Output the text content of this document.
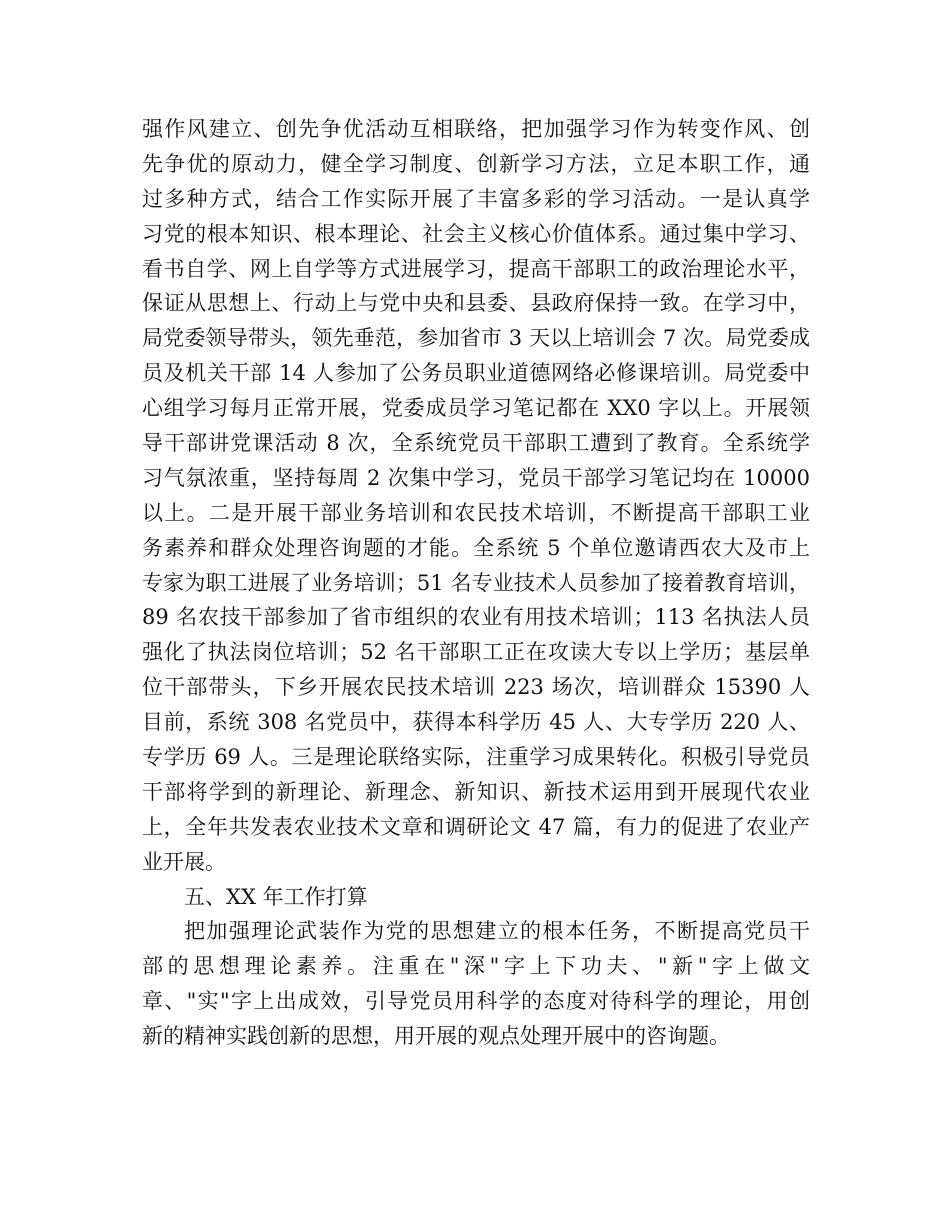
强作风建立、创先争优活动互相联络，把加强学习作为转变作风、创
先争优的原动力，健全学习制度、创新学习方法，立足本职工作，通
过多种方式，结合工作实际开展了丰富多彩的学习活动。一是认真学
习党的根本知识、根本理论、社会主义核心价值体系。通过集中学习、
看书自学、网上自学等方式进展学习，提高干部职工的政治理论水平，
保证从思想上、行动上与党中央和县委、县政府保持一致。在学习中，
局党委领导带头，领先垂范，参加省市 3 天以上培训会 7 次。局党委成
员及机关干部 14 人参加了公务员职业道德网络必修课培训。局党委中
心组学习每月正常开展，党委成员学习笔记都在 XX0 字以上。开展领
导干部讲党课活动 8 次，全系统党员干部职工遭到了教育。全系统学
习气氛浓重，坚持每周 2 次集中学习，党员干部学习笔记均在 10000
以上。二是开展干部业务培训和农民技术培训，不断提高干部职工业
务素养和群众处理咨询题的才能。全系统 5 个单位邀请西农大及市上
专家为职工进展了业务培训；51 名专业技术人员参加了接着教育培训，
89 名农技干部参加了省市组织的农业有用技术培训；113 名执法人员
强化了执法岗位培训；52 名干部职工正在攻读大专以上学历；基层单
位干部带头，下乡开展农民技术培训 223 场次，培训群众 15390 人
目前，系统 308 名党员中，获得本科学历 45 人、大专学历 220 人、
专学历 69 人。三是理论联络实际，注重学习成果转化。积极引导党员
干部将学到的新理论、新理念、新知识、新技术运用到开展现代农业
上，全年共发表农业技术文章和调研论文 47 篇，有力的促进了农业产
业开展。
五、XX 年工作打算
把加强理论武装作为党的思想建立的根本任务，不断提高党员干
部的思想理论素养。注重在"深"字上下功夫、"新"字上做文
章、"实"字上出成效，引导党员用科学的态度对待科学的理论，用创
新的精神实践创新的思想，用开展的观点处理开展中的咨询题。
